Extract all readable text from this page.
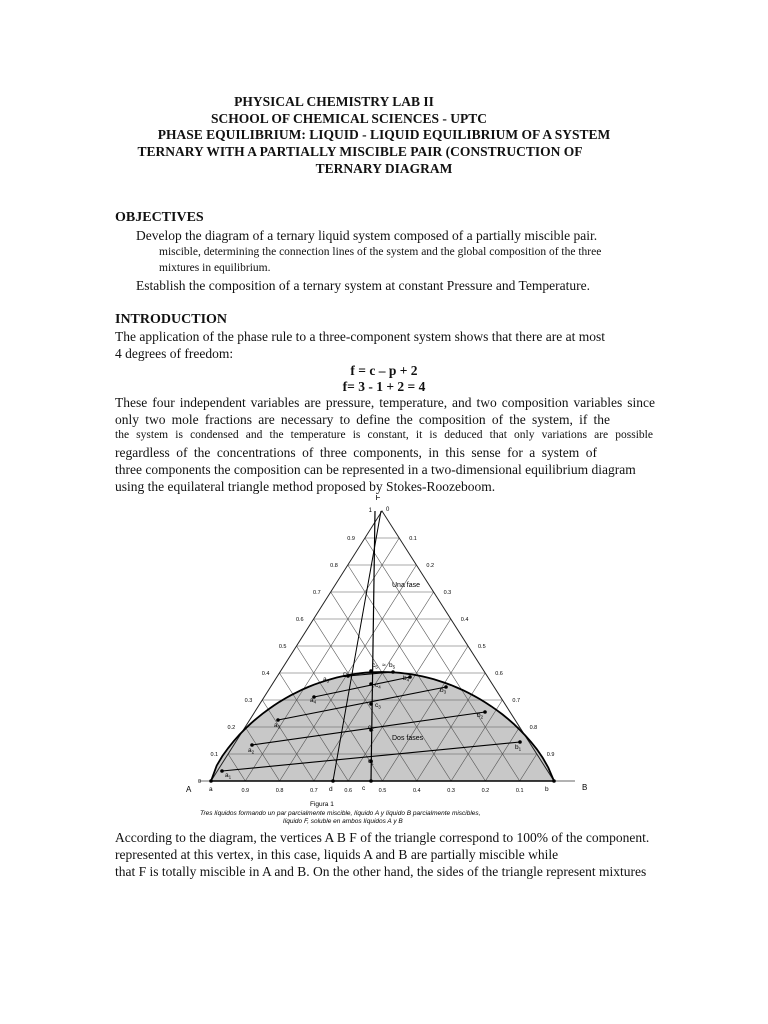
PHYSICAL CHEMISTRY LAB II
SCHOOL OF CHEMICAL SCIENCES - UPTC
PHASE EQUILIBRIUM: LIQUID - LIQUID EQUILIBRIUM OF A SYSTEM
TERNARY WITH A PARTIALLY MISCIBLE PAIR (CONSTRUCTION OF
TERNARY DIAGRAM
OBJECTIVES
Develop the diagram of a ternary liquid system composed of a partially miscible pair.
miscible, determining the connection lines of the system and the global composition of the three
mixtures in equilibrium.
Establish the composition of a ternary system at constant Pressure and Temperature.
INTRODUCTION
The application of the phase rule to a three-component system shows that there are at most
4 degrees of freedom:
f = c – p + 2
f= 3 - 1 + 2 = 4
These four independent variables are pressure, temperature, and two composition variables since
only two mole fractions are necessary to define the composition of the system, if the
the system is condensed and the temperature is constant, it is deduced that only variations are possible
regardless of the concentrations of three components, in this sense for a system of
three components the composition can be represented in a two-dimensional equilibrium diagram
using the equilateral triangle method proposed by Stokes-Roozeboom.
0.9
0.8
0.7
0.6
0.5
0.4
0.3
0.2
0.1
0
0.1
0.2
0.3
0.4
0.5
0.6
0.7
0.8
0.9
0.9	0.8	0.7	0.6	0.5	0.4	0.3	0.2	0.1
a
$a_1$
$a_2$
$a_3$
$a_4$
$a_5$
D
b
$b_1$
$b_2$
$b_3$
$b_4$
$c_5$ $b_5$
$c_4$
$c_3$
$c_2$
$c_1$
d	c
≈
F
1 0
A	B
Una fase
Dos fases
Figura 1
Tres líquidos formando un par parcialmente miscible, líquido A y líquido B parcialmente miscibles,
líquido F, soluble en ambos líquidos A y B
According to the diagram, the vertices A B F of the triangle correspond to 100% of the component.
represented at this vertex, in this case, liquids A and B are partially miscible while
that F is totally miscible in A and B. On the other hand, the sides of the triangle represent mixtures
